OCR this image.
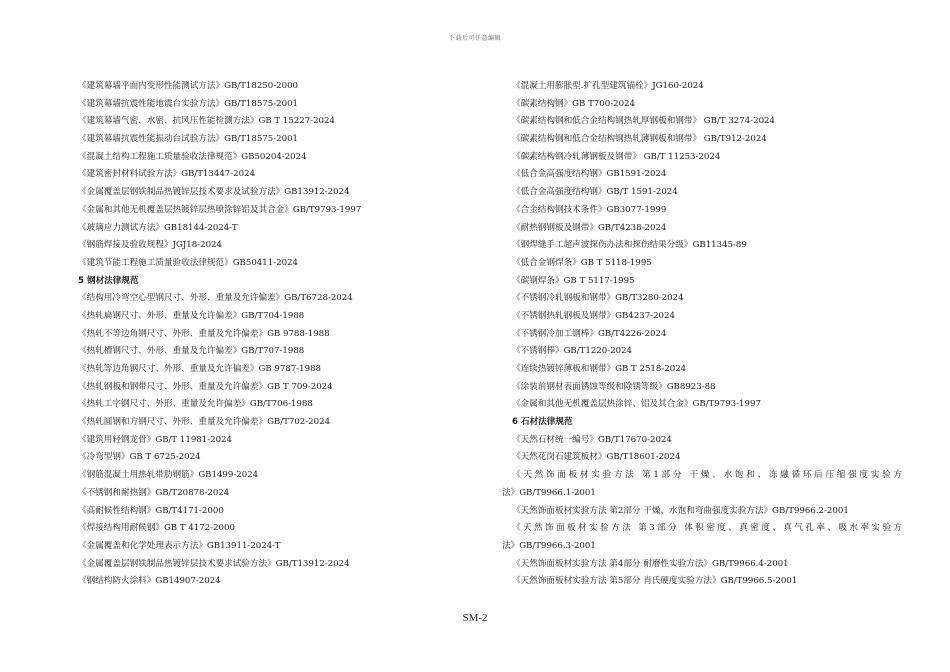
下载后可任意编辑
《建筑幕墙平面内变形性能测试方法》GB/T18250-2000
《建筑幕墙抗震性能地震台实验方法》GB/T18575-2001
《建筑幕墙气密、水密、抗风压性能检测方法》GB T 15227-2024
《建筑幕墙抗震性能振动台试验方法》GB/T18575-2001
《混凝土结构工程施工质量验收法律规范》GB50204-2024
《建筑密封材料试验方法》GB/T13447-2024
《金属覆盖层钢铁制品热镀锌层技术要求及试验方法》GB13912-2024
《金属和其他无机覆盖层热镀锌层热喷涂锌铝及其合金》GB/T9793-1997
《玻璃应力测试方法》GB18144-2024-T
《钢筋焊接及验收规程》JGJ18-2024
《建筑节能工程施工质量验收法律规范》GB50411-2024
5 钢材法律规范
《结构用冷弯空心型钢尺寸、外形、重量及允许偏差》GB/T6728-2024
《热轧扁钢尺寸、外形、重量及允许偏差》GB/T704-1988
《热轧不等边角钢尺寸、外形、重量及允许偏差》GB 9788-1988
《热轧槽钢尺寸、外形、重量及允许偏差》GB/T707-1988
《热轧等边角钢尺寸、外形、重量及允许偏差》GB 9787-1988
《热轧钢板和钢带尺寸、外形、重量及允许偏差》GB T 709-2024
《热轧工字钢尺寸、外形、重量及允许偏差》GB/T706-1988
《热轧圆钢和方钢尺寸、外形、重量及允许偏差》GB/T702-2024
《建筑用轻钢龙骨》GB/T 11981-2024
《冷弯型钢》GB T 6725-2024
《钢筋混凝土用热轧带肋钢筋》GB1499-2024
《不锈钢和耐热钢》GB/T20878-2024
《高耐候性结构钢》GB/T4171-2000
《焊接结构用耐候钢》GB T 4172-2000
《金属覆盖和化学处理表示方法》GB13911-2024-T
《金属覆盖层钢铁制品热镀锌层技术要求试验方法》GB/T13912-2024
《钢结构防火涂料》GB14907-2024
《混凝土用膨胀型.扩孔型建筑锚栓》JG160-2024
《碳素结构钢》GB T700-2024
《碳素结构钢和低合金结构钢热轧厚钢板和钢带》 GB/T 3274-2024
《碳素结构钢和低合金结构钢热轧薄钢板和钢带》 GB/T912-2024
《碳素结构钢冷轧薄钢板及钢带》 GB/T 11253-2024
《低合金高强度结构钢》GB1591-2024
《低合金高强度结构钢》GB/T 1591-2024
《合金结构钢技术条件》GB3077-1999
《耐热钢钢板及钢带》GB/T4238-2024
《钢焊缝手工超声波探伤办法和探伤结果分级》GB11345-89
《低合金钢焊条》GB T 5118-1995
《碳钢焊条》GB T 5117-1995
《不锈钢冷轧钢板和钢带》GB/T3280-2024
《不锈钢热轧钢板及钢带》GB4237-2024
《不锈钢冷加工钢棒》GB/T4226-2024
《不锈钢棒》GB/T1220-2024
《连续热镀锌薄板和钢带》GB T 2518-2024
《涂装前钢材表面锈蚀等级和除锈等级》GB8923-88
《金属和其他无机覆盖层热涂锌、铝及其合金》GB/T9793-1997
6 石材法律规范
《天然石材统一编号》GB/T17670-2024
《天然花岗石建筑板材》GB/T18601-2024
《天然饰面板材实验方法 第1部分 干燥、水饱和、冻融循环后压缩强度实验方
法》GB/T9966.1-2001
《天然饰面板材实验方法 第2部分 干燥、水饱和弯曲强度实验方法》GB/T9966.2-2001
《天然饰面板材实验方法 第3部分 体积密度、真密度、真气孔率、吸水率实验方
法》GB/T9966.3-2001
《天然饰面板材实验方法 第4部分 耐磨性实验方法》GB/T9966.4-2001
《天然饰面板材实验方法 第5部分 肖氏硬度实验方法》GB/T9966.5-2001
SM-2
